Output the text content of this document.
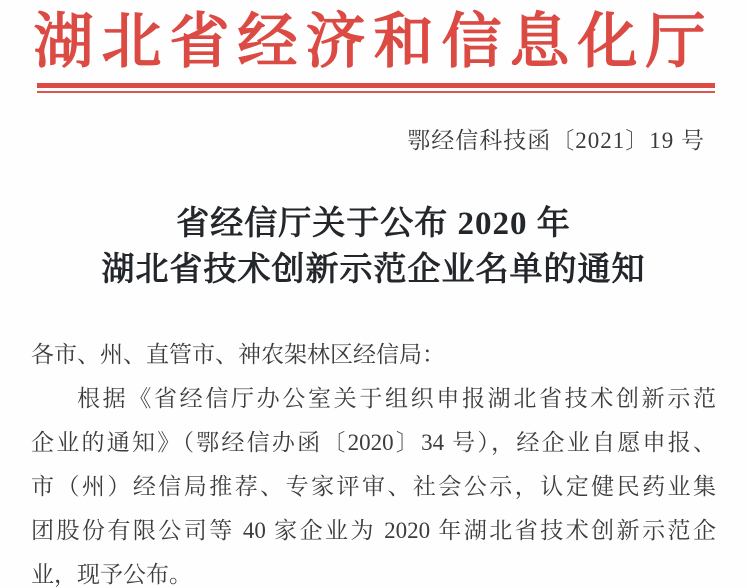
湖北省经济和信息化厅
鄂经信科技函〔2021〕19 号
省经信厅关于公布 2020 年
湖北省技术创新示范企业名单的通知
各市、州、直管市、神农架林区经信局：
根据《省经信厅办公室关于组织申报湖北省技术创新示范
企业的通知》（鄂经信办函〔2020〕34 号），经企业自愿申报、
市（州）经信局推荐、专家评审、社会公示，认定健民药业集
团股份有限公司等 40 家企业为 2020 年湖北省技术创新示范企
业，现予公布。
